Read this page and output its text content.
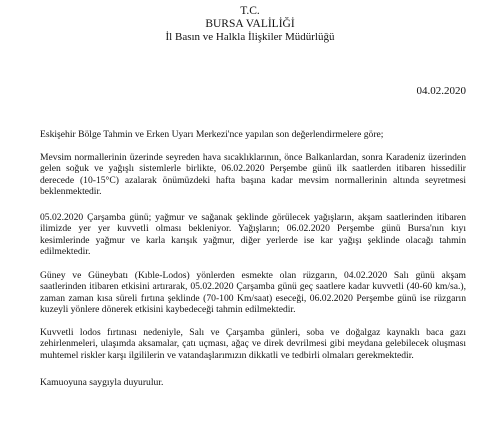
T.C.
BURSA VALİLİĞİ
İl Basın ve Halkla İlişkiler Müdürlüğü
04.02.2020

Eskişehir Bölge Tahmin ve Erken Uyarı Merkezi'nce yapılan son değerlendirmelere göre;

Mevsim normallerinin üzerinde seyreden hava sıcaklıklarının, önce Balkanlardan, sonra Karadeniz üzerinden gelen soğuk ve yağışlı sistemlerle birlikte, 06.02.2020 Perşembe günü ilk saatlerden itibaren hissedilir derecede (10-15°C) azalarak önümüzdeki hafta başına kadar mevsim normallerinin altında seyretmesi beklenmektedir.

05.02.2020 Çarşamba günü; yağmur ve sağanak şeklinde görülecek yağışların, akşam saatlerinden itibaren ilimizde yer yer kuvvetli olması bekleniyor. Yağışların; 06.02.2020 Perşembe günü Bursa'nın kıyı kesimlerinde yağmur ve karla karışık yağmur, diğer yerlerde ise kar yağışı şeklinde olacağı tahmin edilmektedir.

Güney ve Güneybatı (Kıble-Lodos) yönlerden esmekte olan rüzgarın, 04.02.2020 Salı günü akşam saatlerinden itibaren etkisini artırarak, 05.02.2020 Çarşamba günü geç saatlere kadar kuvvetli (40-60 km/sa.), zaman zaman kısa süreli fırtına şeklinde (70-100 Km/saat) eseceği, 06.02.2020 Perşembe günü ise rüzgarın kuzeyli yönlere dönerek etkisini kaybedeceği tahmin edilmektedir.

Kuvvetli lodos fırtınası nedeniyle, Salı ve Çarşamba günleri, soba ve doğalgaz kaynaklı baca gazı zehirlenmeleri, ulaşımda aksamalar, çatı uçması, ağaç ve direk devrilmesi gibi meydana gelebilecek oluşması muhtemel riskler karşı ilgililerin ve vatandaşlarımızın dikkatli ve tedbirli olmaları gerekmektedir.

Kamuoyuna saygıyla duyurulur.
